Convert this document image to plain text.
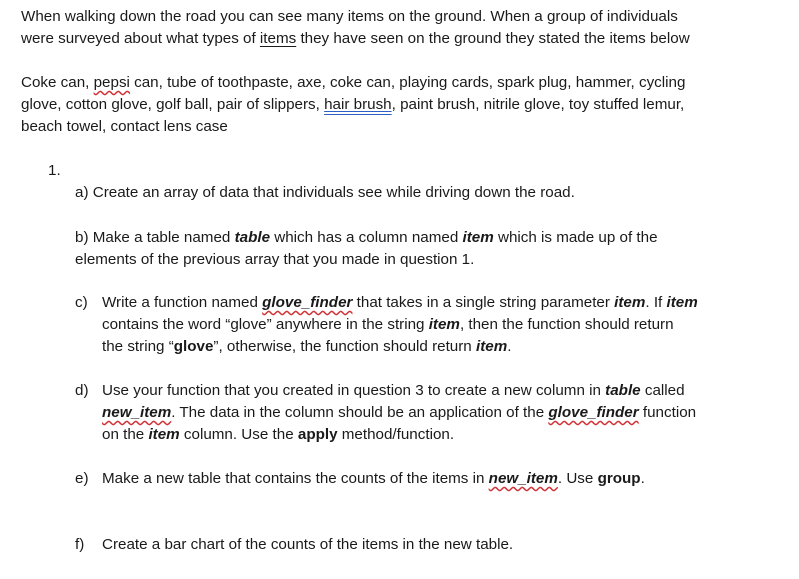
When walking down the road you can see many items on the ground. When a group of individuals
were surveyed about what types of items they have seen on the ground they stated the items below
Coke can, pepsi can, tube of toothpaste, axe, coke can, playing cards, spark plug, hammer, cycling
glove, cotton glove, golf ball, pair of slippers, hair brush, paint brush, nitrile glove, toy stuffed lemur,
beach towel, contact lens case
1.
a) Create an array of data that individuals see while driving down the road.
b) Make a table named table which has a column named item which is made up of the
elements of the previous array that you made in question 1.
c) Write a function named glove_finder that takes in a single string parameter item. If item
contains the word “glove” anywhere in the string item, then the function should return
the string “glove”, otherwise, the function should return item.
d) Use your function that you created in question 3 to create a new column in table called
new_item. The data in the column should be an application of the glove_finder function
on the item column. Use the apply method/function.
e) Make a new table that contains the counts of the items in new_item. Use group.
f) Create a bar chart of the counts of the items in the new table.
